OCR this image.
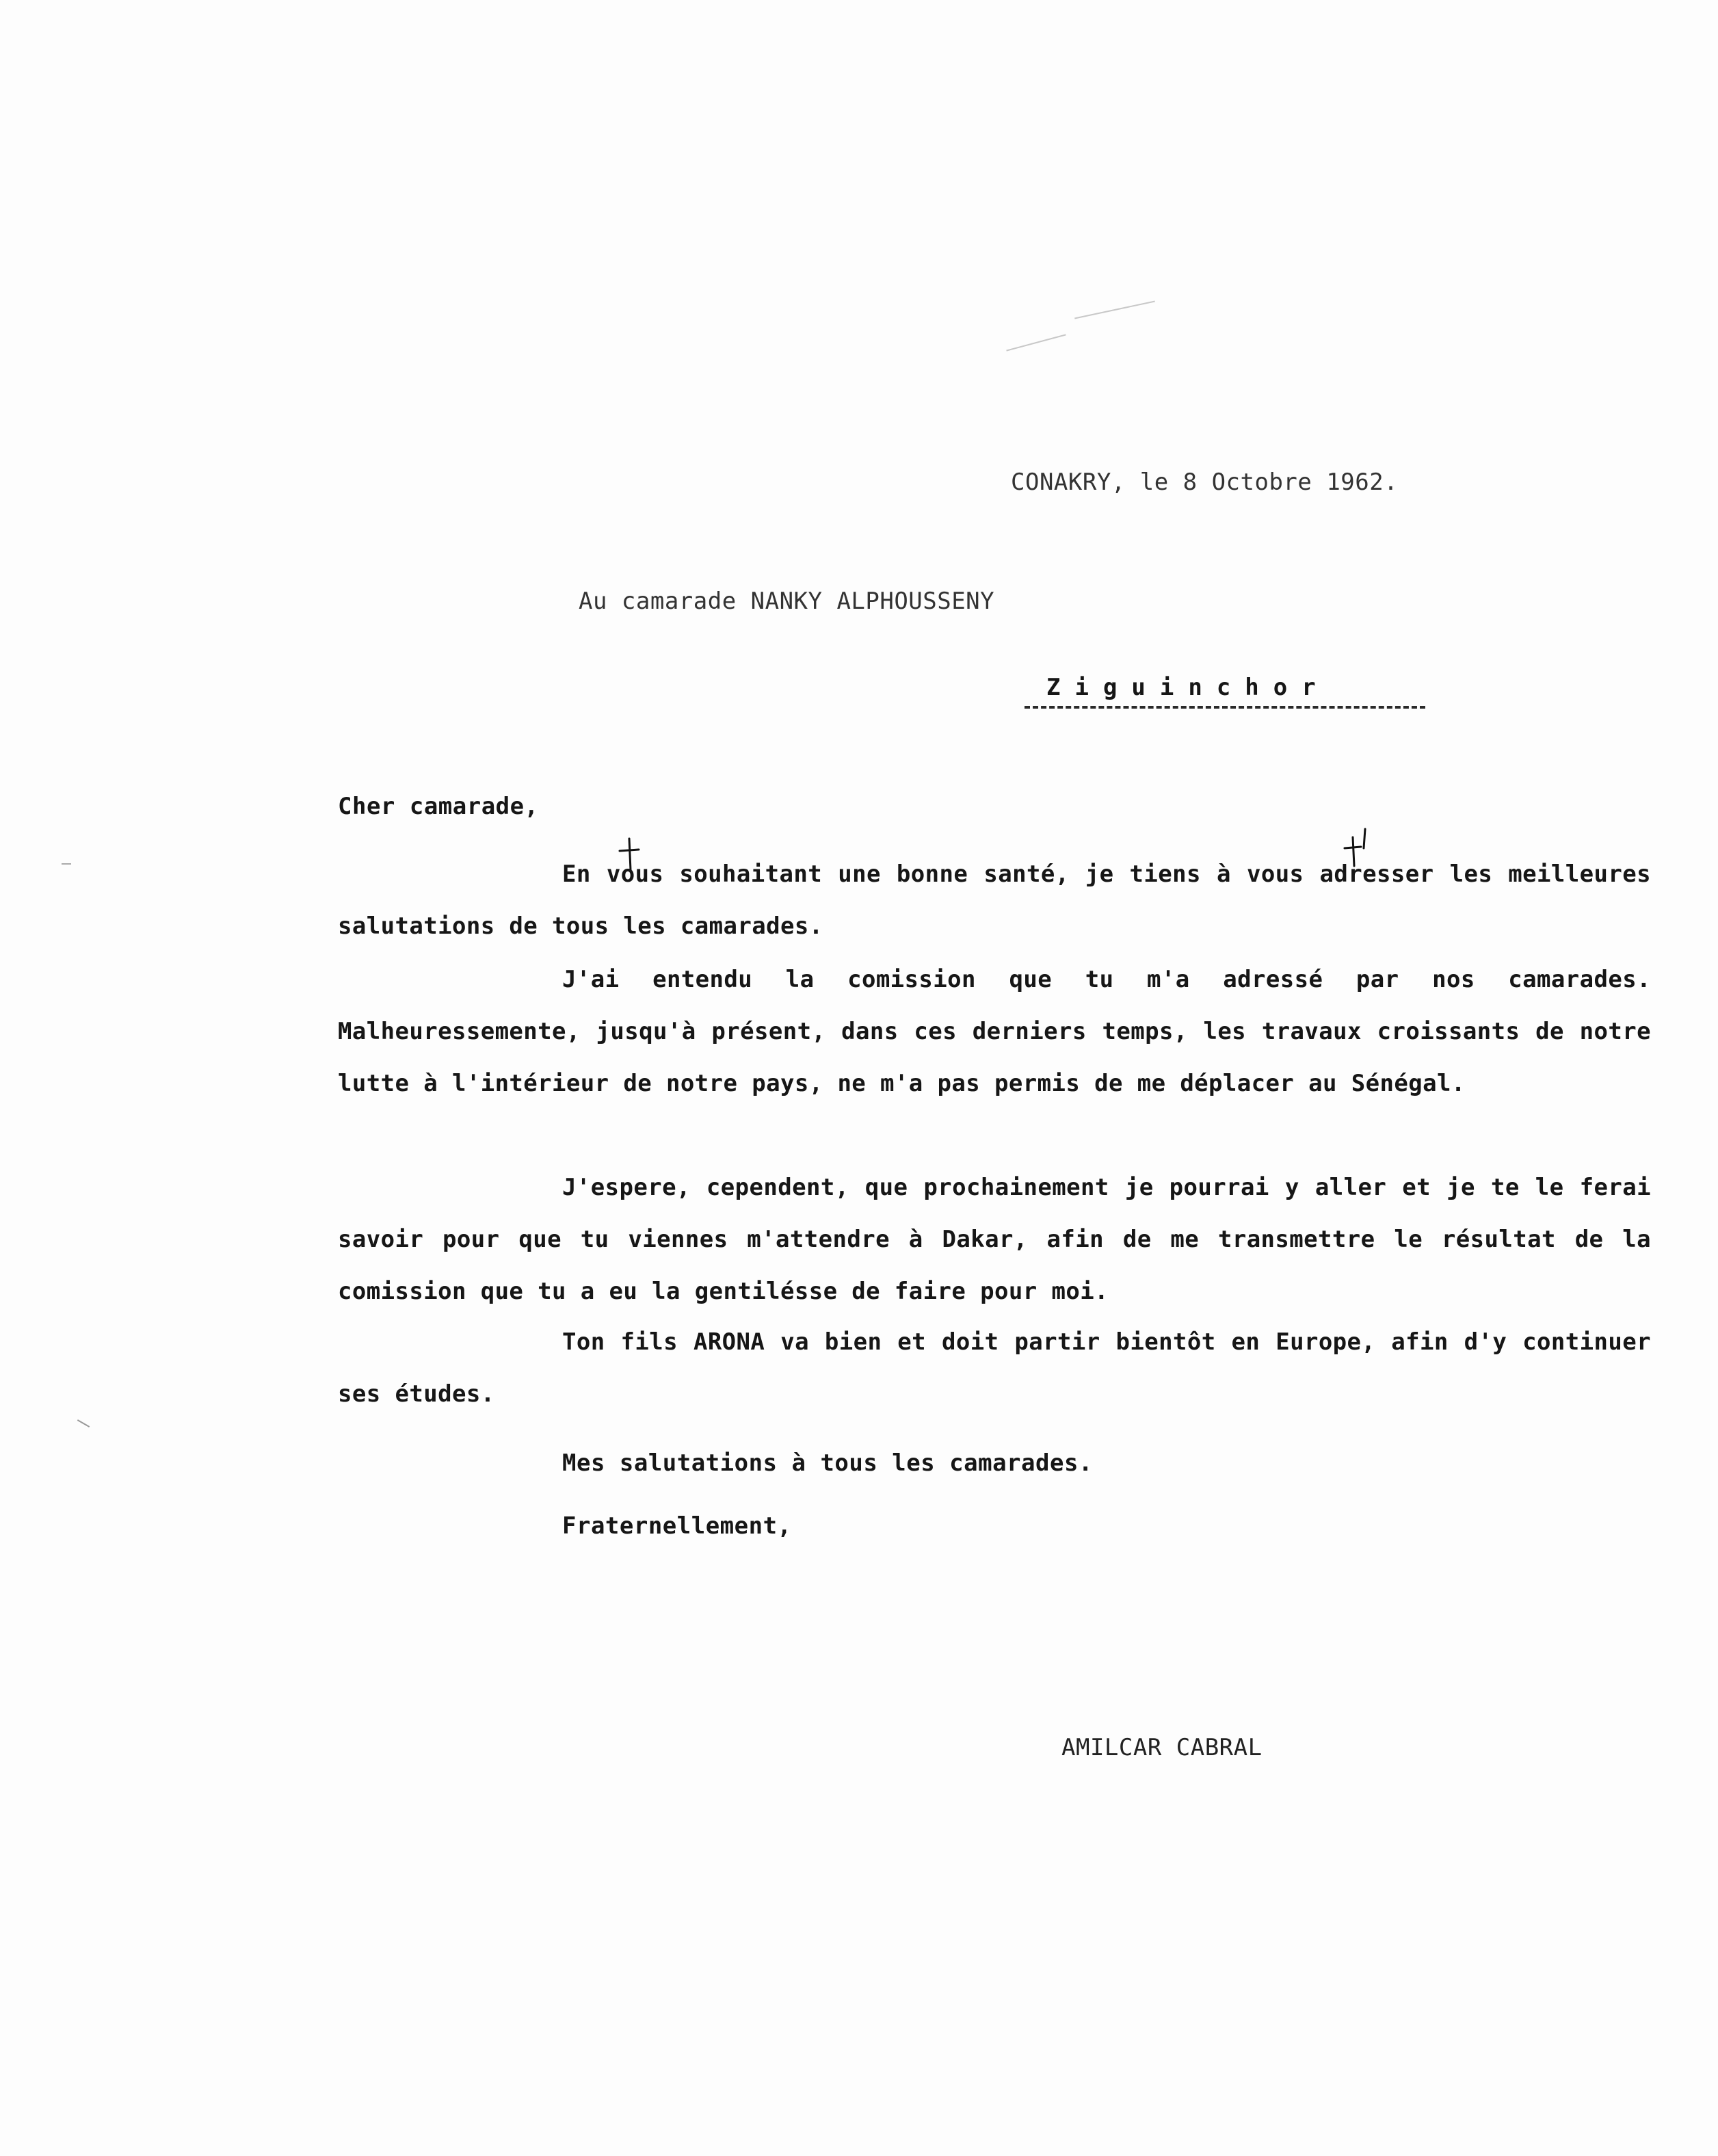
CONAKRY, le 8 Octobre 1962.
Au camarade NANKY ALPHOUSSENY
Ziguinchor
Cher camarade,

En vous souhaitant une bonne santé, je tiens à vous adresser les meilleures salutations de tous les camarades.

J'ai entendu la comission que tu m'a adressé par nos camarades. Malheuressemente, jusqu'à présent, dans ces derniers temps, les travaux croissants de notre lutte à l'intérieur de notre pays, ne m'a pas permis de me déplacer au Sénégal.

J'espere, cependent, que prochainement je pourrai y aller et je te le ferai savoir pour que tu viennes m'attendre à Dakar, afin de me transmettre le résultat de la comission que tu a eu la gentilésse de faire pour moi.

Ton fils ARONA va bien et doit partir bientôt en Europe, afin d'y continuer ses études.

Mes salutations à tous les camarades.
Fraternellement,
AMILCAR CABRAL
